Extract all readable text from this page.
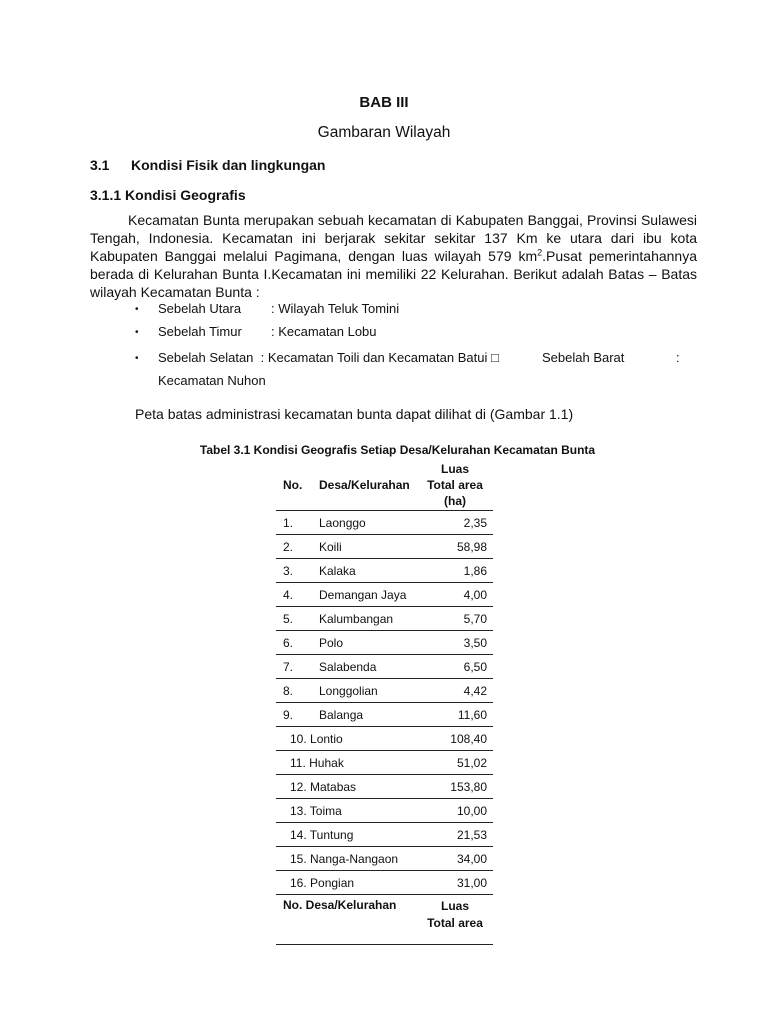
BAB III
Gambaran Wilayah
3.1 Kondisi Fisik dan lingkungan
3.1.1 Kondisi Geografis
Kecamatan Bunta merupakan sebuah kecamatan di Kabupaten Banggai, Provinsi Sulawesi Tengah, Indonesia. Kecamatan ini berjarak sekitar sekitar 137 Km ke utara dari ibu kota Kabupaten Banggai melalui Pagimana, dengan luas wilayah 579 $km^2.Pusat$ pemerintahannya berada di Kelurahan Bunta I.Kecamatan ini memiliki 22 Kelurahan. Berikut adalah Batas – Batas wilayah Kecamatan Bunta :
• Sebelah Utara : Wilayah Teluk Tomini
• Sebelah Timur : Kecamatan Lobu
• Sebelah Selatan : Kecamatan Toili dan Kecamatan Batui □	Sebelah Barat	:
Kecamatan Nuhon
Peta batas administrasi kecamatan bunta dapat dilihat di (Gambar 1.1)
Tabel 3.1 Kondisi Geografis Setiap Desa/Kelurahan Kecamatan Bunta
No.	Desa/Kelurahan	Luas
Total area
(ha)
1.	Laonggo	2,35
2.	Koili	58,98
3.	Kalaka	1,86
4.	Demangan Jaya	4,00
5.	Kalumbangan	5,70
6.	Polo	3,50
7.	Salabenda	6,50
8.	Longgolian	4,42
9.	Balanga	11,60
10. Lontio		108,40
11. Huhak		51,02
12. Matabas		153,80
13. Toima		10,00
14. Tuntung		21,53
15. Nanga-Nangaon		34,00
16. Pongian		31,00
No. Desa/Kelurahan		Luas
Total area
